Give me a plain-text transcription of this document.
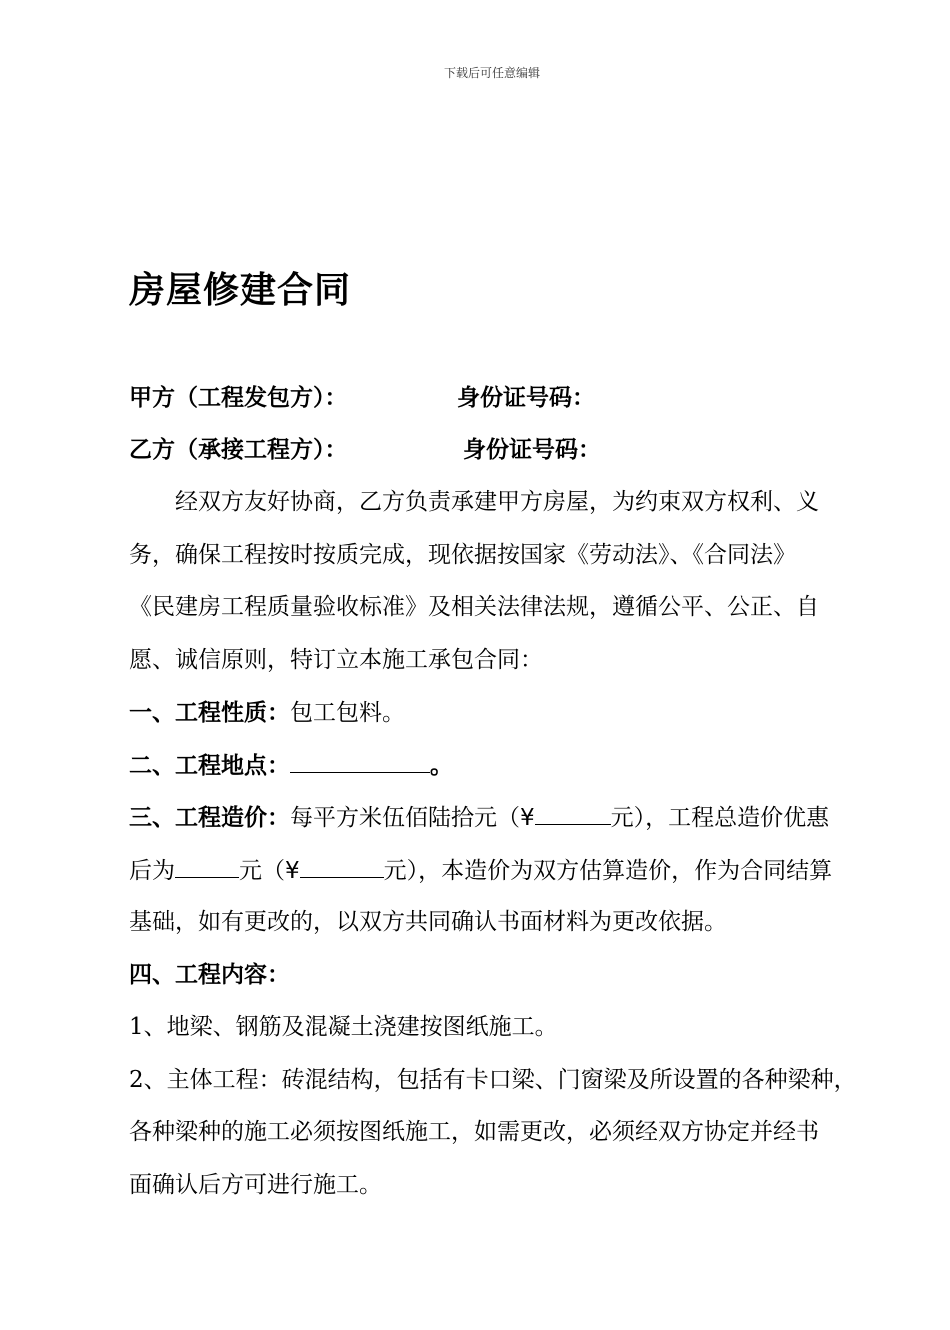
下载后可任意编辑
房屋修建合同
甲方（工程发包方）：	身份证号码：
乙方（承接工程方）：	身份证号码：
经双方友好协商，乙方负责承建甲方房屋，为约束双方权利、义
务，确保工程按时按质完成，现依据按国家《劳动法》、《合同法》
《民建房工程质量验收标准》及相关法律法规，遵循公平、公正、自
愿、诚信原则，特订立本施工承包合同：
一、工程性质：包工包料。
二、工程地点：	。
三、工程造价：每平方米伍佰陆拾元（¥	元），工程总造价优惠
后为	元（¥	元），本造价为双方估算造价，作为合同结算
基础，如有更改的，以双方共同确认书面材料为更改依据。
四、工程内容：
1、地梁、钢筋及混凝土浇建按图纸施工。
2、主体工程：砖混结构，包括有卡口梁、门窗梁及所设置的各种梁种，
各种梁种的施工必须按图纸施工，如需更改，必须经双方协定并经书
面确认后方可进行施工。
